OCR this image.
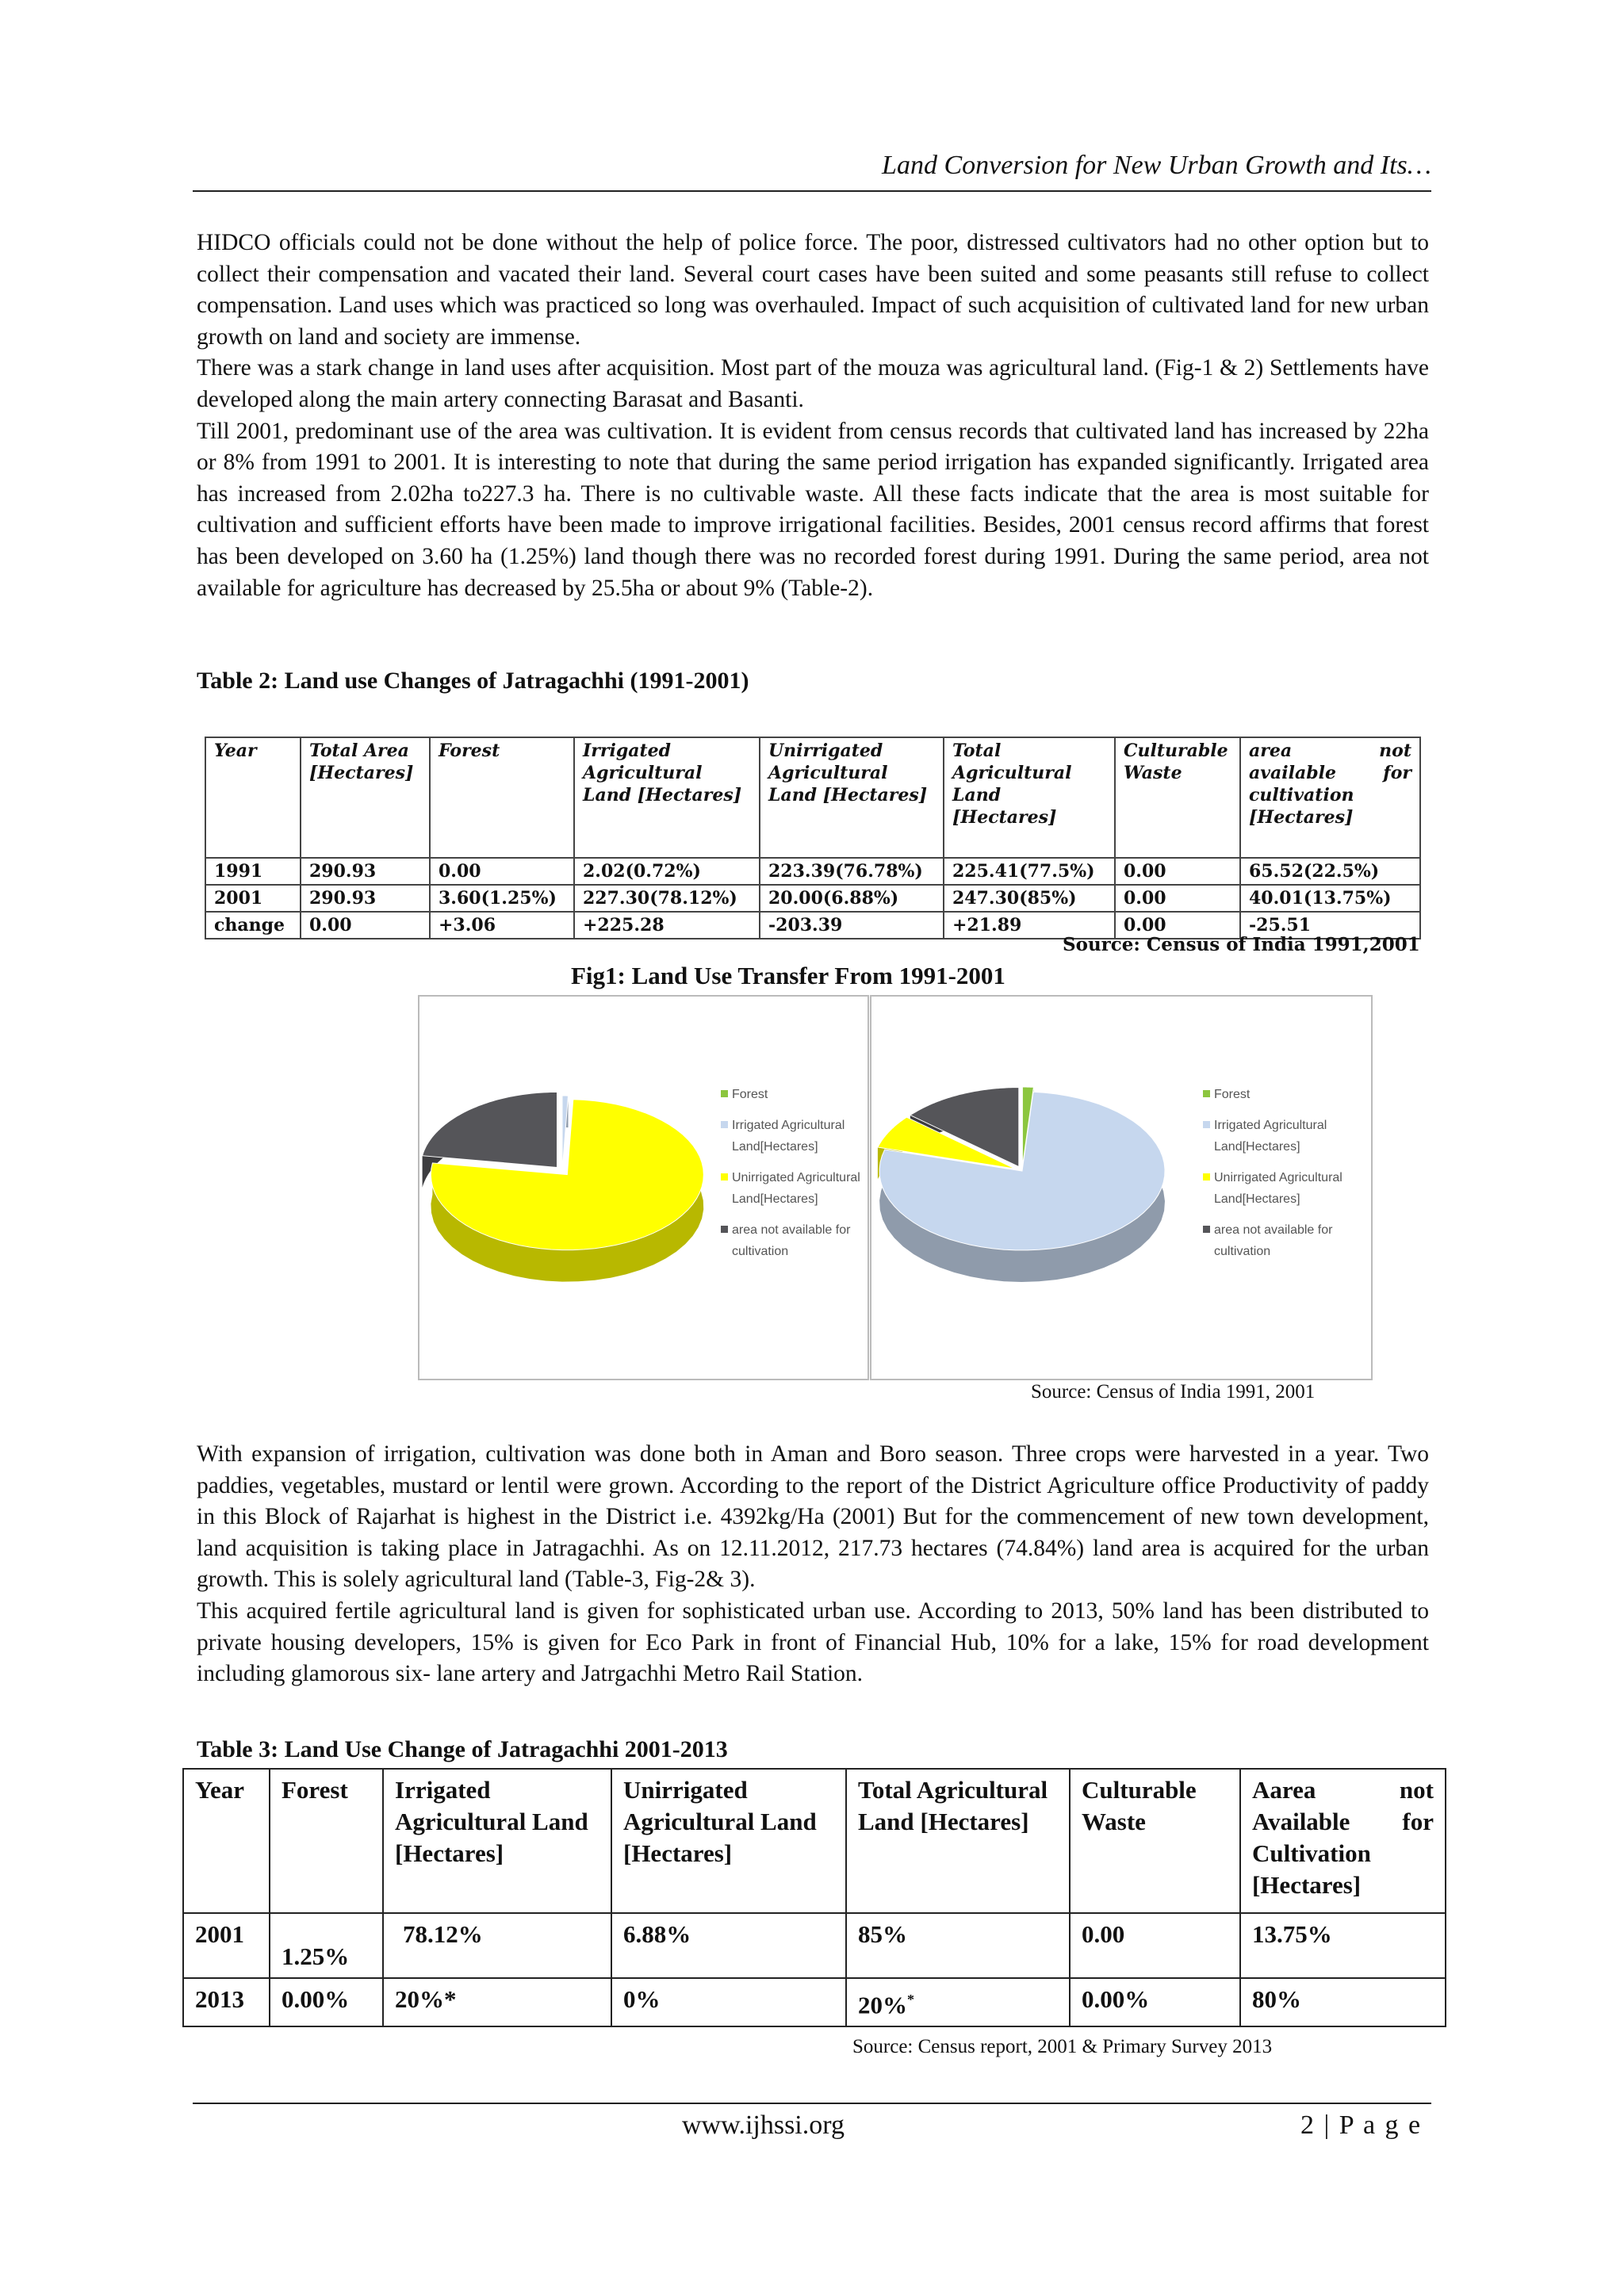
Land Conversion for New Urban Growth and Its…

HIDCO officials could not be done without the help of police force. The poor, distressed cultivators had no other option but to collect their compensation and vacated their land. Several court cases have been suited and some peasants still refuse to collect compensation. Land uses which was practiced so long was overhauled. Impact of such acquisition of cultivated land for new urban growth on land and society are immense.

There was a stark change in land uses after acquisition. Most part of the mouza was agricultural land. (Fig-1 & 2) Settlements have developed along the main artery connecting Barasat and Basanti.

Till 2001, predominant use of the area was cultivation. It is evident from census records that cultivated land has increased by 22ha or 8% from 1991 to 2001. It is interesting to note that during the same period irrigation has expanded significantly. Irrigated area has increased from 2.02ha to227.3 ha. There is no cultivable waste. All these facts indicate that the area is most suitable for cultivation and sufficient efforts have been made to improve irrigational facilities. Besides, 2001 census record affirms that forest has been developed on 3.60 ha (1.25%) land though there was no recorded forest during 1991. During the same period, area not available for agriculture has decreased by 25.5ha or about 9% (Table-2).

Table 2: Land use Changes of Jatragachhi (1991-2001)
Year	Total Area [Hectares]	Forest	Irrigated Agricultural Land [Hectares]	Unirrigated Agricultural Land [Hectares]	Total Agricultural Land [Hectares]	Culturable Waste	area not available for cultivation [Hectares]
1991	290.93	0.00	2.02(0.72%)	223.39(76.78%)	225.41(77.5%)	0.00	65.52(22.5%)
2001	290.93	3.60(1.25%)	227.30(78.12%)	20.00(6.88%)	247.30(85%)	0.00	40.01(13.75%)
change	0.00	+3.06	+225.28	-203.39	+21.89	0.00	-25.51
Source: Census of India 1991,2001
Fig1: Land Use Transfer From 1991-2001
Forest
Irrigated Agricultural Land[Hectares]
Unirrigated Agricultural Land[Hectares]
area not available for cultivation
Forest
Irrigated Agricultural Land[Hectares]
Unirrigated Agricultural Land[Hectares]
area not available for cultivation
Source: Census of India 1991, 2001

With expansion of irrigation, cultivation was done both in Aman and Boro season. Three crops were harvested in a year. Two paddies, vegetables, mustard or lentil were grown. According to the report of the District Agriculture office Productivity of paddy in this Block of Rajarhat is highest in the District i.e. 4392kg/Ha (2001) But for the commencement of new town development, land acquisition is taking place in Jatragachhi. As on 12.11.2012, 217.73 hectares (74.84%) land area is acquired for the urban growth. This is solely agricultural land (Table-3, Fig-2& 3).

This acquired fertile agricultural land is given for sophisticated urban use. According to 2013, 50% land has been distributed to private housing developers, 15% is given for Eco Park in front of Financial Hub, 10% for a lake, 15% for road development including glamorous six- lane artery and Jatrgachhi Metro Rail Station.

Table 3: Land Use Change of Jatragachhi 2001-2013
Year	Forest	Irrigated Agricultural Land [Hectares]	Unirrigated Agricultural Land [Hectares]	Total Agricultural Land [Hectares]	Culturable Waste	Aarea not Available for Cultivation [Hectares]
2001	1.25%	78.12%	6.88%	85%	0.00	13.75%
2013	0.00%	20%*	0%	20%*	0.00%	80%
Source: Census report, 2001 & Primary Survey 2013
www.ijhssi.org	2 | P a g e
